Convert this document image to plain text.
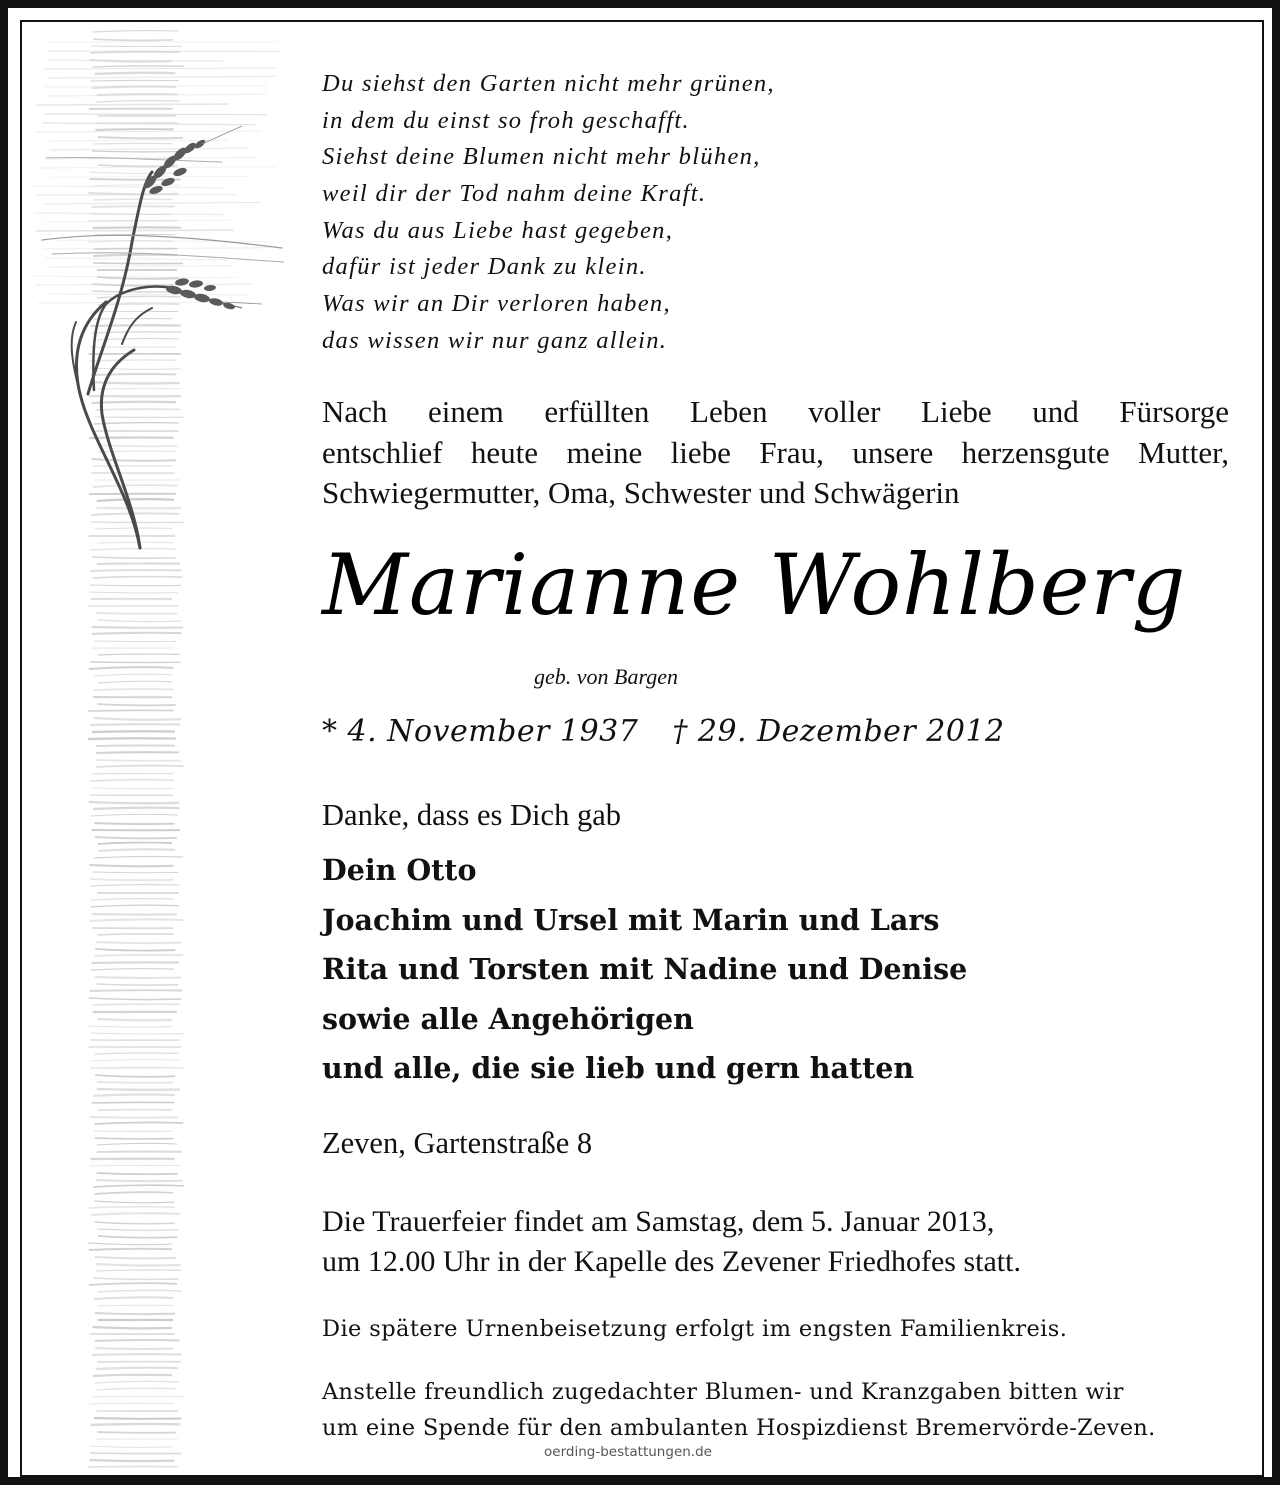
Du siehst den Garten nicht mehr grünen,
in dem du einst so froh geschafft.
Siehst deine Blumen nicht mehr blühen,
weil dir der Tod nahm deine Kraft.
Was du aus Liebe hast gegeben,
dafür ist jeder Dank zu klein.
Was wir an Dir verloren haben,
das wissen wir nur ganz allein.
Nach einem erfüllten Leben voller Liebe und Fürsorge
entschlief heute meine liebe Frau, unsere herzensgute Mutter,
Schwiegermutter, Oma, Schwester und Schwägerin
Marianne Wohlberg
geb. von Bargen
* 4. November 1937 † 29. Dezember 2012
Danke, dass es Dich gab
Dein Otto
Joachim und Ursel mit Marin und Lars
Rita und Torsten mit Nadine und Denise
sowie alle Angehörigen
und alle, die sie lieb und gern hatten
Zeven, Gartenstraße 8
Die Trauerfeier findet am Samstag, dem 5. Januar 2013,
um 12.00 Uhr in der Kapelle des Zevener Friedhofes statt.
Die spätere Urnenbeisetzung erfolgt im engsten Familienkreis.
Anstelle freundlich zugedachter Blumen- und Kranzgaben bitten wir
um eine Spende für den ambulanten Hospizdienst Bremervörde-Zeven.
oerding-bestattungen.de
